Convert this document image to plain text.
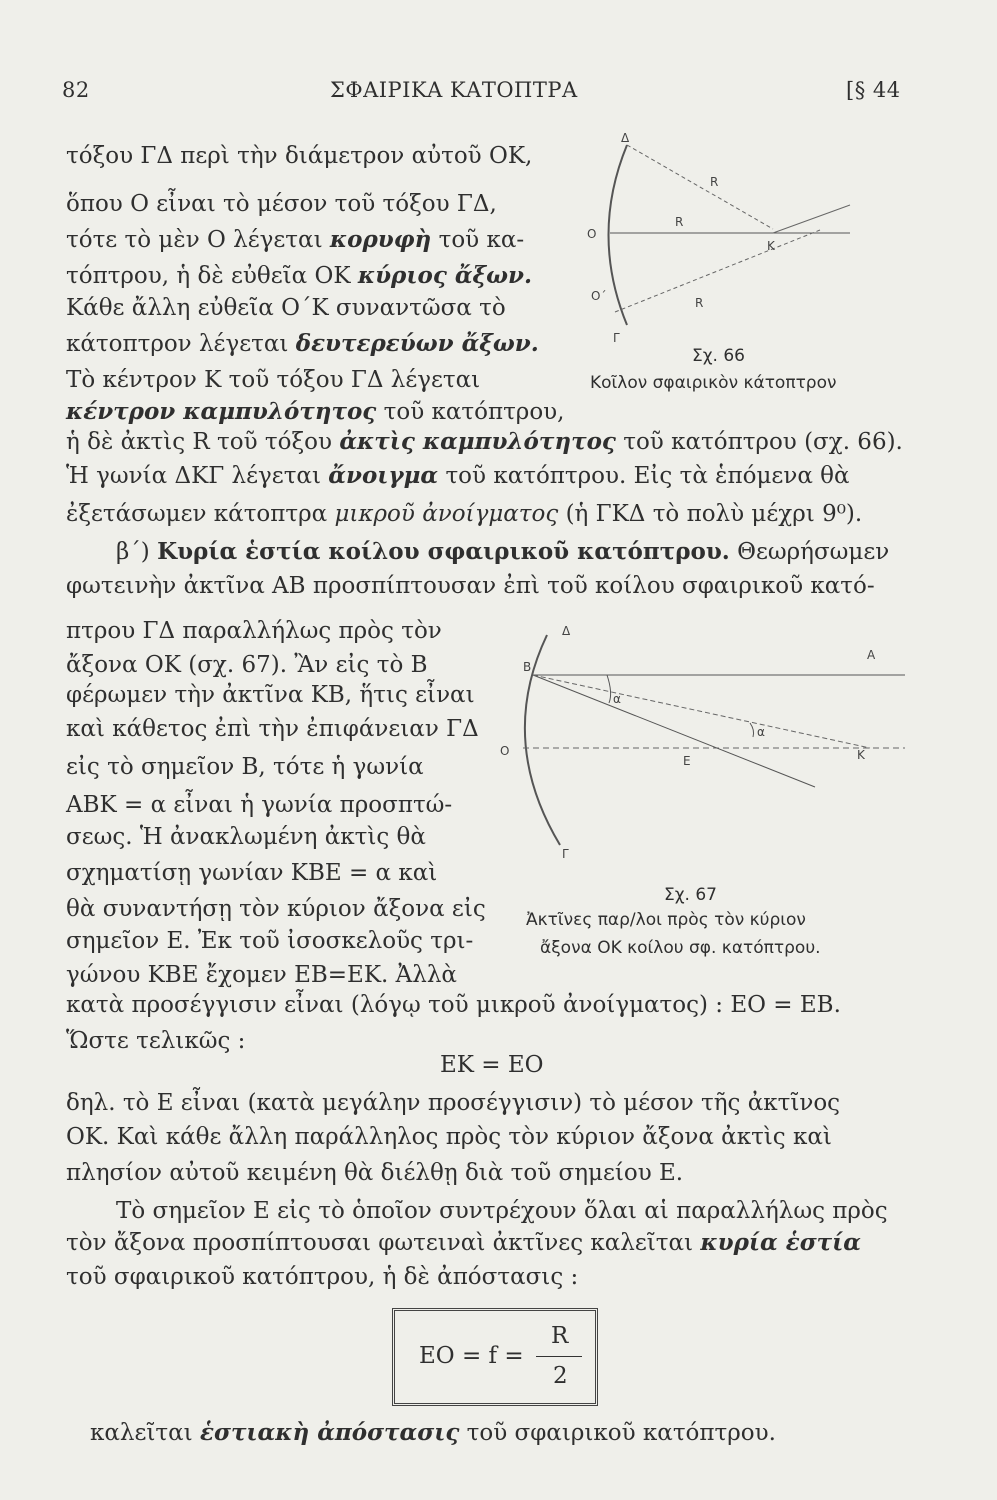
82	ΣΦΑΙΡΙΚΑ ΚΑΤΟΠΤΡΑ	[§ 44
τόξου ΓΔ περὶ τὴν διάμετρον αὐτοῦ ΟΚ,
ὅπου Ο εἶναι τὸ μέσον τοῦ τόξου ΓΔ,
τότε τὸ μὲν Ο λέγεται κορυφὴ τοῦ κα-
τόπτρου, ἡ δὲ εὐθεῖα ΟΚ κύριος ἄξων.
Κάθε ἄλλη εὐθεῖα Ο΄Κ συναντῶσα τὸ
κάτοπτρον λέγεται δευτερεύων ἄξων.
Τὸ κέντρον Κ τοῦ τόξου ΓΔ λέγεται
κέντρον καμπυλότητος τοῦ κατόπτρου,
ἡ δὲ ἀκτὶς R τοῦ τόξου ἀκτὶς καμπυλότητος τοῦ κατόπτρου (σχ. 66).
Ἡ γωνία ΔΚΓ λέγεται ἄνοιγμα τοῦ κατόπτρου. Εἰς τὰ ἑπόμενα θὰ
ἐξετάσωμεν κάτοπτρα μικροῦ ἀνοίγματος (ἡ ΓΚΔ τὸ πολὺ μέχρι 9⁰).
β΄) Κυρία ἑστία κοίλου σφαιρικοῦ κατόπτρου. Θεωρήσωμεν
φωτεινὴν ἀκτῖνα ΑΒ προσπίπτουσαν ἐπὶ τοῦ κοίλου σφαιρικοῦ κατό-
πτρου ΓΔ παραλλήλως πρὸς τὸν
ἄξονα ΟΚ (σχ. 67). Ἂν εἰς τὸ Β
φέρωμεν τὴν ἀκτῖνα ΚΒ, ἥτις εἶναι
καὶ κάθετος ἐπὶ τὴν ἐπιφάνειαν ΓΔ
εἰς τὸ σημεῖον Β, τότε ἡ γωνία
ΑΒΚ = α εἶναι ἡ γωνία προσπτώ-
σεως. Ἡ ἀνακλωμένη ἀκτὶς θὰ
σχηματίσῃ γωνίαν ΚΒΕ = α καὶ
θὰ συναντήσῃ τὸν κύριον ἄξονα εἰς
σημεῖον Ε. Ἐκ τοῦ ἰσοσκελοῦς τρι-
γώνου ΚΒΕ ἔχομεν ΕΒ=ΕΚ. Ἀλλὰ
κατὰ προσέγγισιν εἶναι (λόγῳ τοῦ μικροῦ ἀνοίγματος) : ΕΟ = ΕΒ.
Ὥστε τελικῶς :
ΕΚ = ΕΟ
δηλ. τὸ Ε εἶναι (κατὰ μεγάλην προσέγγισιν) τὸ μέσον τῆς ἀκτῖνος
ΟΚ. Καὶ κάθε ἄλλη παράλληλος πρὸς τὸν κύριον ἄξονα ἀκτὶς καὶ
πλησίον αὐτοῦ κειμένη θὰ διέλθῃ διὰ τοῦ σημείου Ε.
Τὸ σημεῖον Ε εἰς τὸ ὁποῖον συντρέχουν ὅλαι αἱ παραλλήλως πρὸς
τὸν ἄξονα προσπίπτουσαι φωτειναὶ ἀκτῖνες καλεῖται κυρία ἑστία
τοῦ σφαιρικοῦ κατόπτρου, ἡ δὲ ἀπόστασις :
ΕΟ = f =
R
2
καλεῖται ἑστιακὴ ἀπόστασις τοῦ σφαιρικοῦ κατόπτρου.
Δ
R
R
R
O
O΄
Γ
K
Σχ. 66
Κοῖλον σφαιρικὸν κάτοπτρον
Δ
B
A
α
α
O
E	K
Γ
Σχ. 67
Ἀκτῖνες παρ/λοι πρὸς τὸν κύριον
ἄξονα ΟΚ κοίλου σφ. κατόπτρου.
